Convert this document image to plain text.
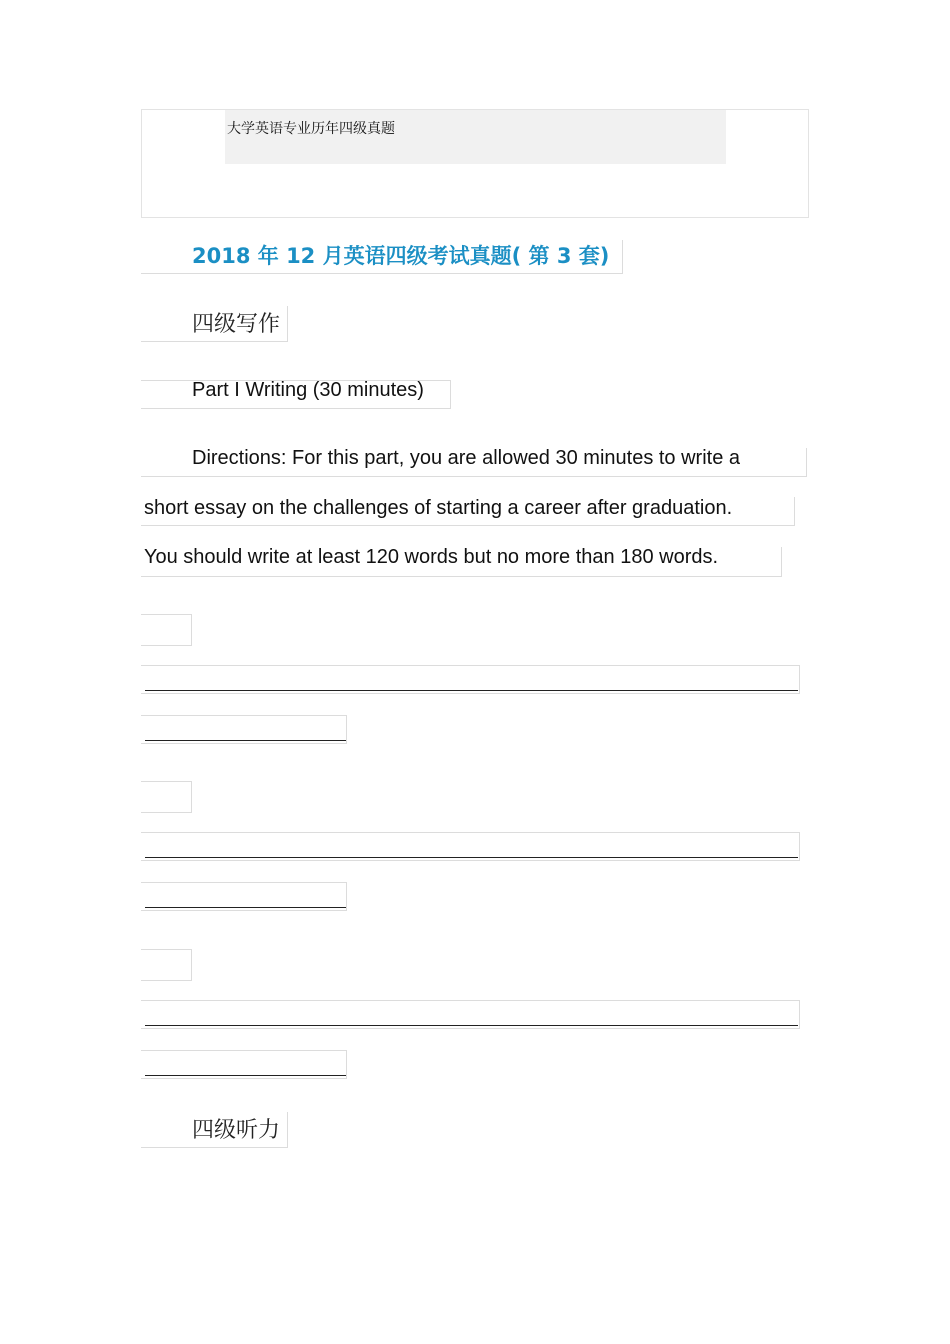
大学英语专业历年四级真题
2018 年 12 月英语四级考试真题( 第 3 套)
四级写作
Part I Writing (30 minutes)
Directions: For this part, you are allowed 30 minutes to write a
short essay on the challenges of starting a career after graduation.
You should write at least 120 words but no more than 180 words.
四级听力
